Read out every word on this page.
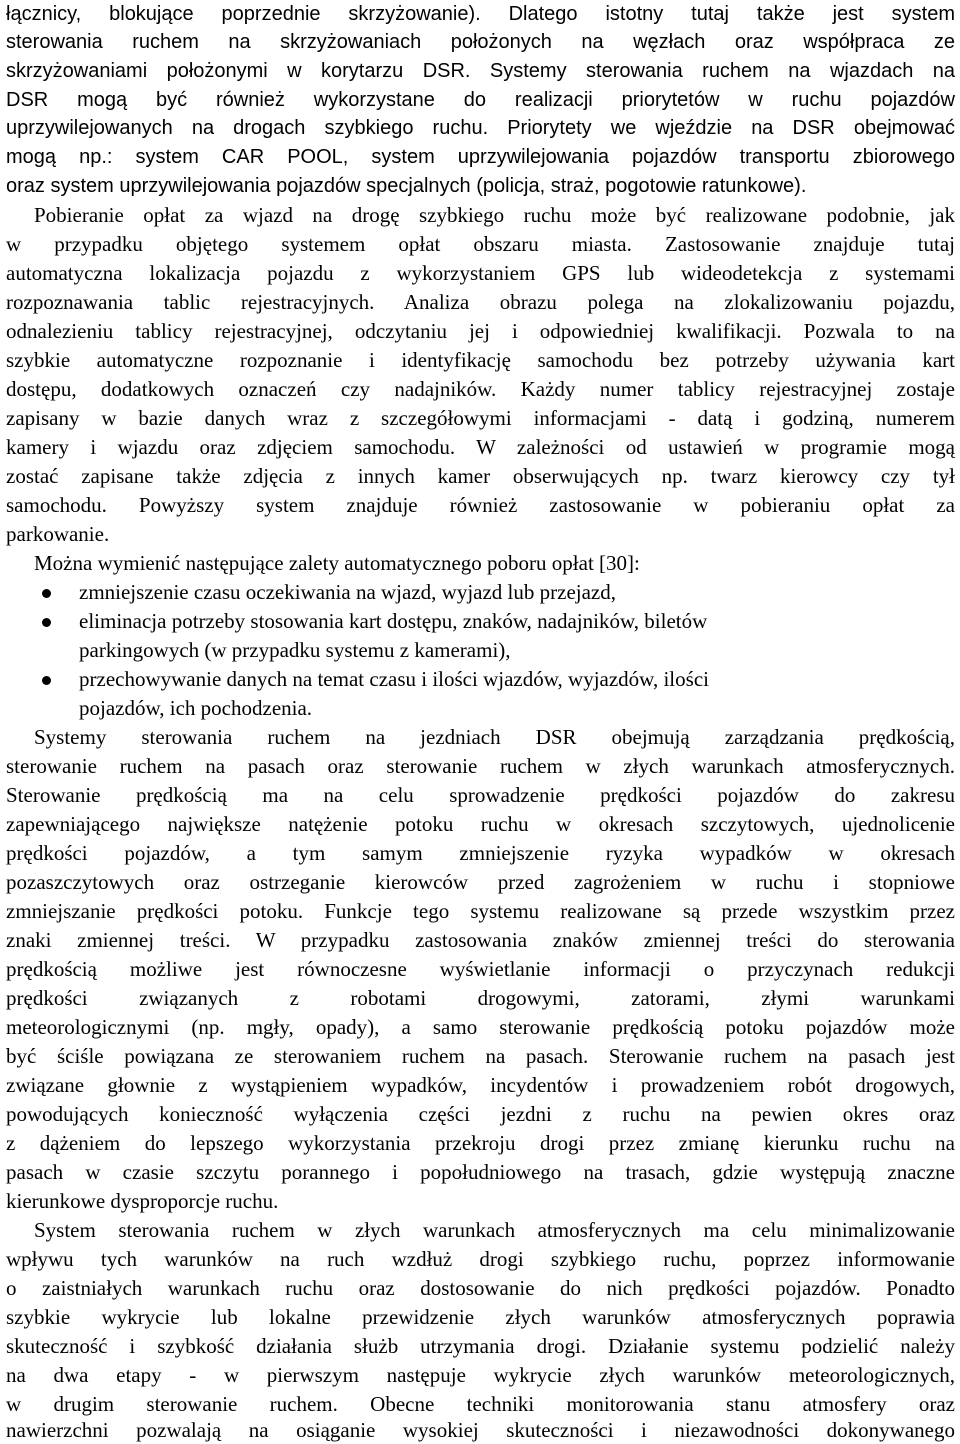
łącznicy, blokujące poprzednie skrzyżowanie). Dlatego istotny tutaj także jest system

sterowania ruchem na skrzyżowaniach położonych na węzłach oraz współpraca ze

skrzyżowaniami położonymi w korytarzu DSR. Systemy sterowania ruchem na wjazdach na

DSR mogą być również wykorzystane do realizacji priorytetów w ruchu pojazdów

uprzywilejowanych na drogach szybkiego ruchu. Priorytety we wjeździe na DSR obejmować

mogą np.: system CAR POOL, system uprzywilejowania pojazdów transportu zbiorowego

oraz system uprzywilejowania pojazdów specjalnych (policja, straż, pogotowie ratunkowe).

Pobieranie opłat za wjazd na drogę szybkiego ruchu może być realizowane podobnie, jak

w przypadku objętego systemem opłat obszaru miasta. Zastosowanie znajduje tutaj

automatyczna lokalizacja pojazdu z wykorzystaniem GPS lub wideodetekcja z systemami

rozpoznawania tablic rejestracyjnych. Analiza obrazu polega na zlokalizowaniu pojazdu,

odnalezieniu tablicy rejestracyjnej, odczytaniu jej i odpowiedniej kwalifikacji. Pozwala to na

szybkie automatyczne rozpoznanie i identyfikację samochodu bez potrzeby używania kart

dostępu, dodatkowych oznaczeń czy nadajników. Każdy numer tablicy rejestracyjnej zostaje

zapisany w bazie danych wraz z szczegółowymi informacjami - datą i godziną, numerem

kamery i wjazdu oraz zdjęciem samochodu. W zależności od ustawień w programie mogą

zostać zapisane także zdjęcia z innych kamer obserwujących np. twarz kierowcy czy tył

samochodu. Powyższy system znajduje również zastosowanie w pobieraniu opłat za

parkowanie.

Można wymienić następujące zalety automatycznego poboru opłat [30]:

zmniejszenie czasu oczekiwania na wjazd, wyjazd lub przejazd,

eliminacja potrzeby stosowania kart dostępu, znaków, nadajników, biletów

parkingowych (w przypadku systemu z kamerami),

przechowywanie danych na temat czasu i ilości wjazdów, wyjazdów, ilości

pojazdów, ich pochodzenia.

Systemy sterowania ruchem na jezdniach DSR obejmują zarządzania prędkością,

sterowanie ruchem na pasach oraz sterowanie ruchem w złych warunkach atmosferycznych.

Sterowanie prędkością ma na celu sprowadzenie prędkości pojazdów do zakresu

zapewniającego największe natężenie potoku ruchu w okresach szczytowych, ujednolicenie

prędkości pojazdów, a tym samym zmniejszenie ryzyka wypadków w okresach

pozaszczytowych oraz ostrzeganie kierowców przed zagrożeniem w ruchu i stopniowe

zmniejszanie prędkości potoku. Funkcje tego systemu realizowane są przede wszystkim przez

znaki zmiennej treści. W przypadku zastosowania znaków zmiennej treści do sterowania

prędkością możliwe jest równoczesne wyświetlanie informacji o przyczynach redukcji

prędkości związanych z robotami drogowymi, zatorami, złymi warunkami

meteorologicznymi (np. mgły, opady), a samo sterowanie prędkością potoku pojazdów może

być ściśle powiązana ze sterowaniem ruchem na pasach. Sterowanie ruchem na pasach jest

związane głownie z wystąpieniem wypadków, incydentów i prowadzeniem robót drogowych,

powodujących konieczność wyłączenia części jezdni z ruchu na pewien okres oraz

z dążeniem do lepszego wykorzystania przekroju drogi przez zmianę kierunku ruchu na

pasach w czasie szczytu porannego i popołudniowego na trasach, gdzie występują znaczne

kierunkowe dysproporcje ruchu.

System sterowania ruchem w złych warunkach atmosferycznych ma celu minimalizowanie

wpływu tych warunków na ruch wzdłuż drogi szybkiego ruchu, poprzez informowanie

o zaistniałych warunkach ruchu oraz dostosowanie do nich prędkości pojazdów. Ponadto

szybkie wykrycie lub lokalne przewidzenie złych warunków atmosferycznych poprawia

skuteczność i szybkość działania służb utrzymania drogi. Działanie systemu podzielić należy

na dwa etapy - w pierwszym następuje wykrycie złych warunków meteorologicznych,

w drugim sterowanie ruchem. Obecne techniki monitorowania stanu atmosfery oraz

nawierzchni pozwalają na osiąganie wysokiej skuteczności i niezawodności dokonywanego
